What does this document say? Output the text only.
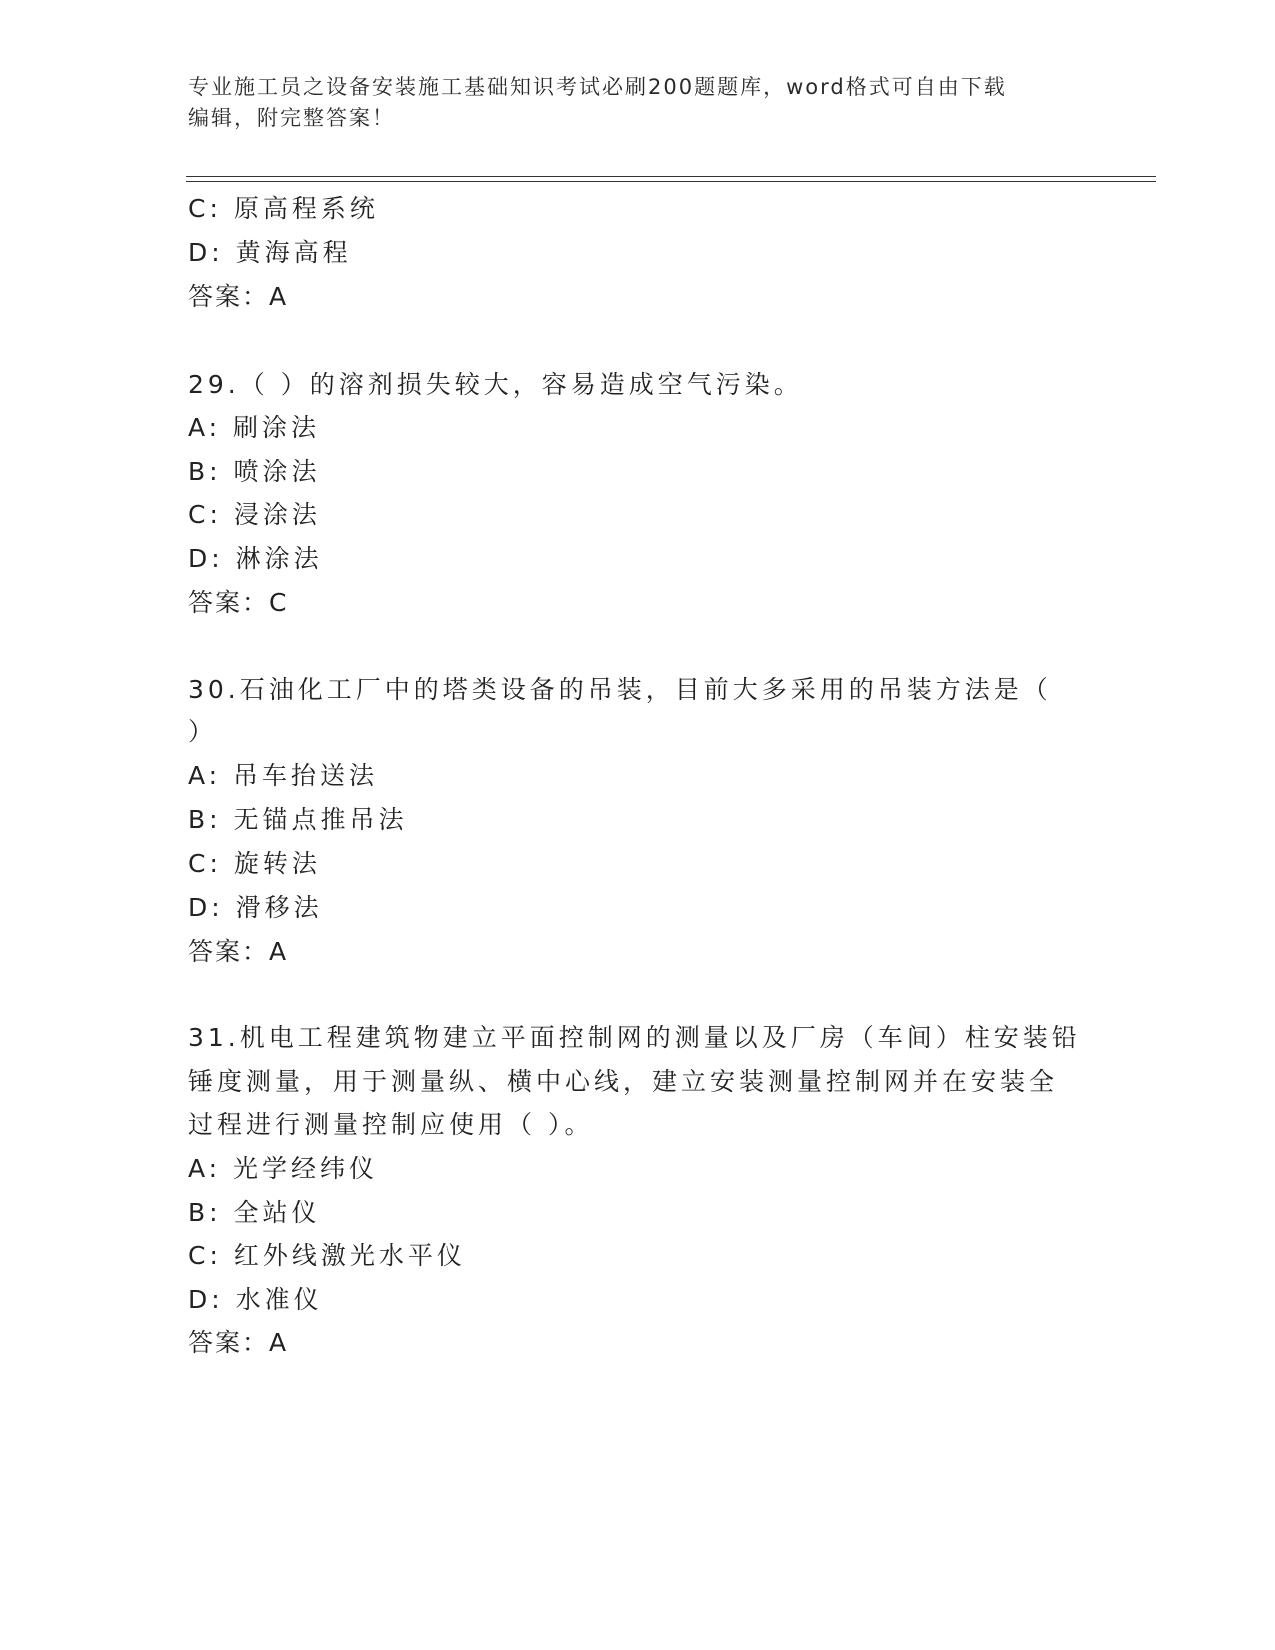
专业施工员之设备安装施工基础知识考试必刷200题题库，word格式可自由下载
编辑，附完整答案！
C: 原高程系统
D: 黄海高程
答案：A
29.（ ）的溶剂损失较大，容易造成空气污染。
A: 刷涂法
B: 喷涂法
C: 浸涂法
D: 淋涂法
答案：C
30.石油化工厂中的塔类设备的吊装，目前大多采用的吊装方法是（
）
A: 吊车抬送法
B: 无锚点推吊法
C: 旋转法
D: 滑移法
答案：A
31.机电工程建筑物建立平面控制网的测量以及厂房（车间）柱安装铅
锤度测量，用于测量纵、横中心线，建立安装测量控制网并在安装全
过程进行测量控制应使用（ ）。
A: 光学经纬仪
B: 全站仪
C: 红外线激光水平仪
D: 水准仪
答案：A
